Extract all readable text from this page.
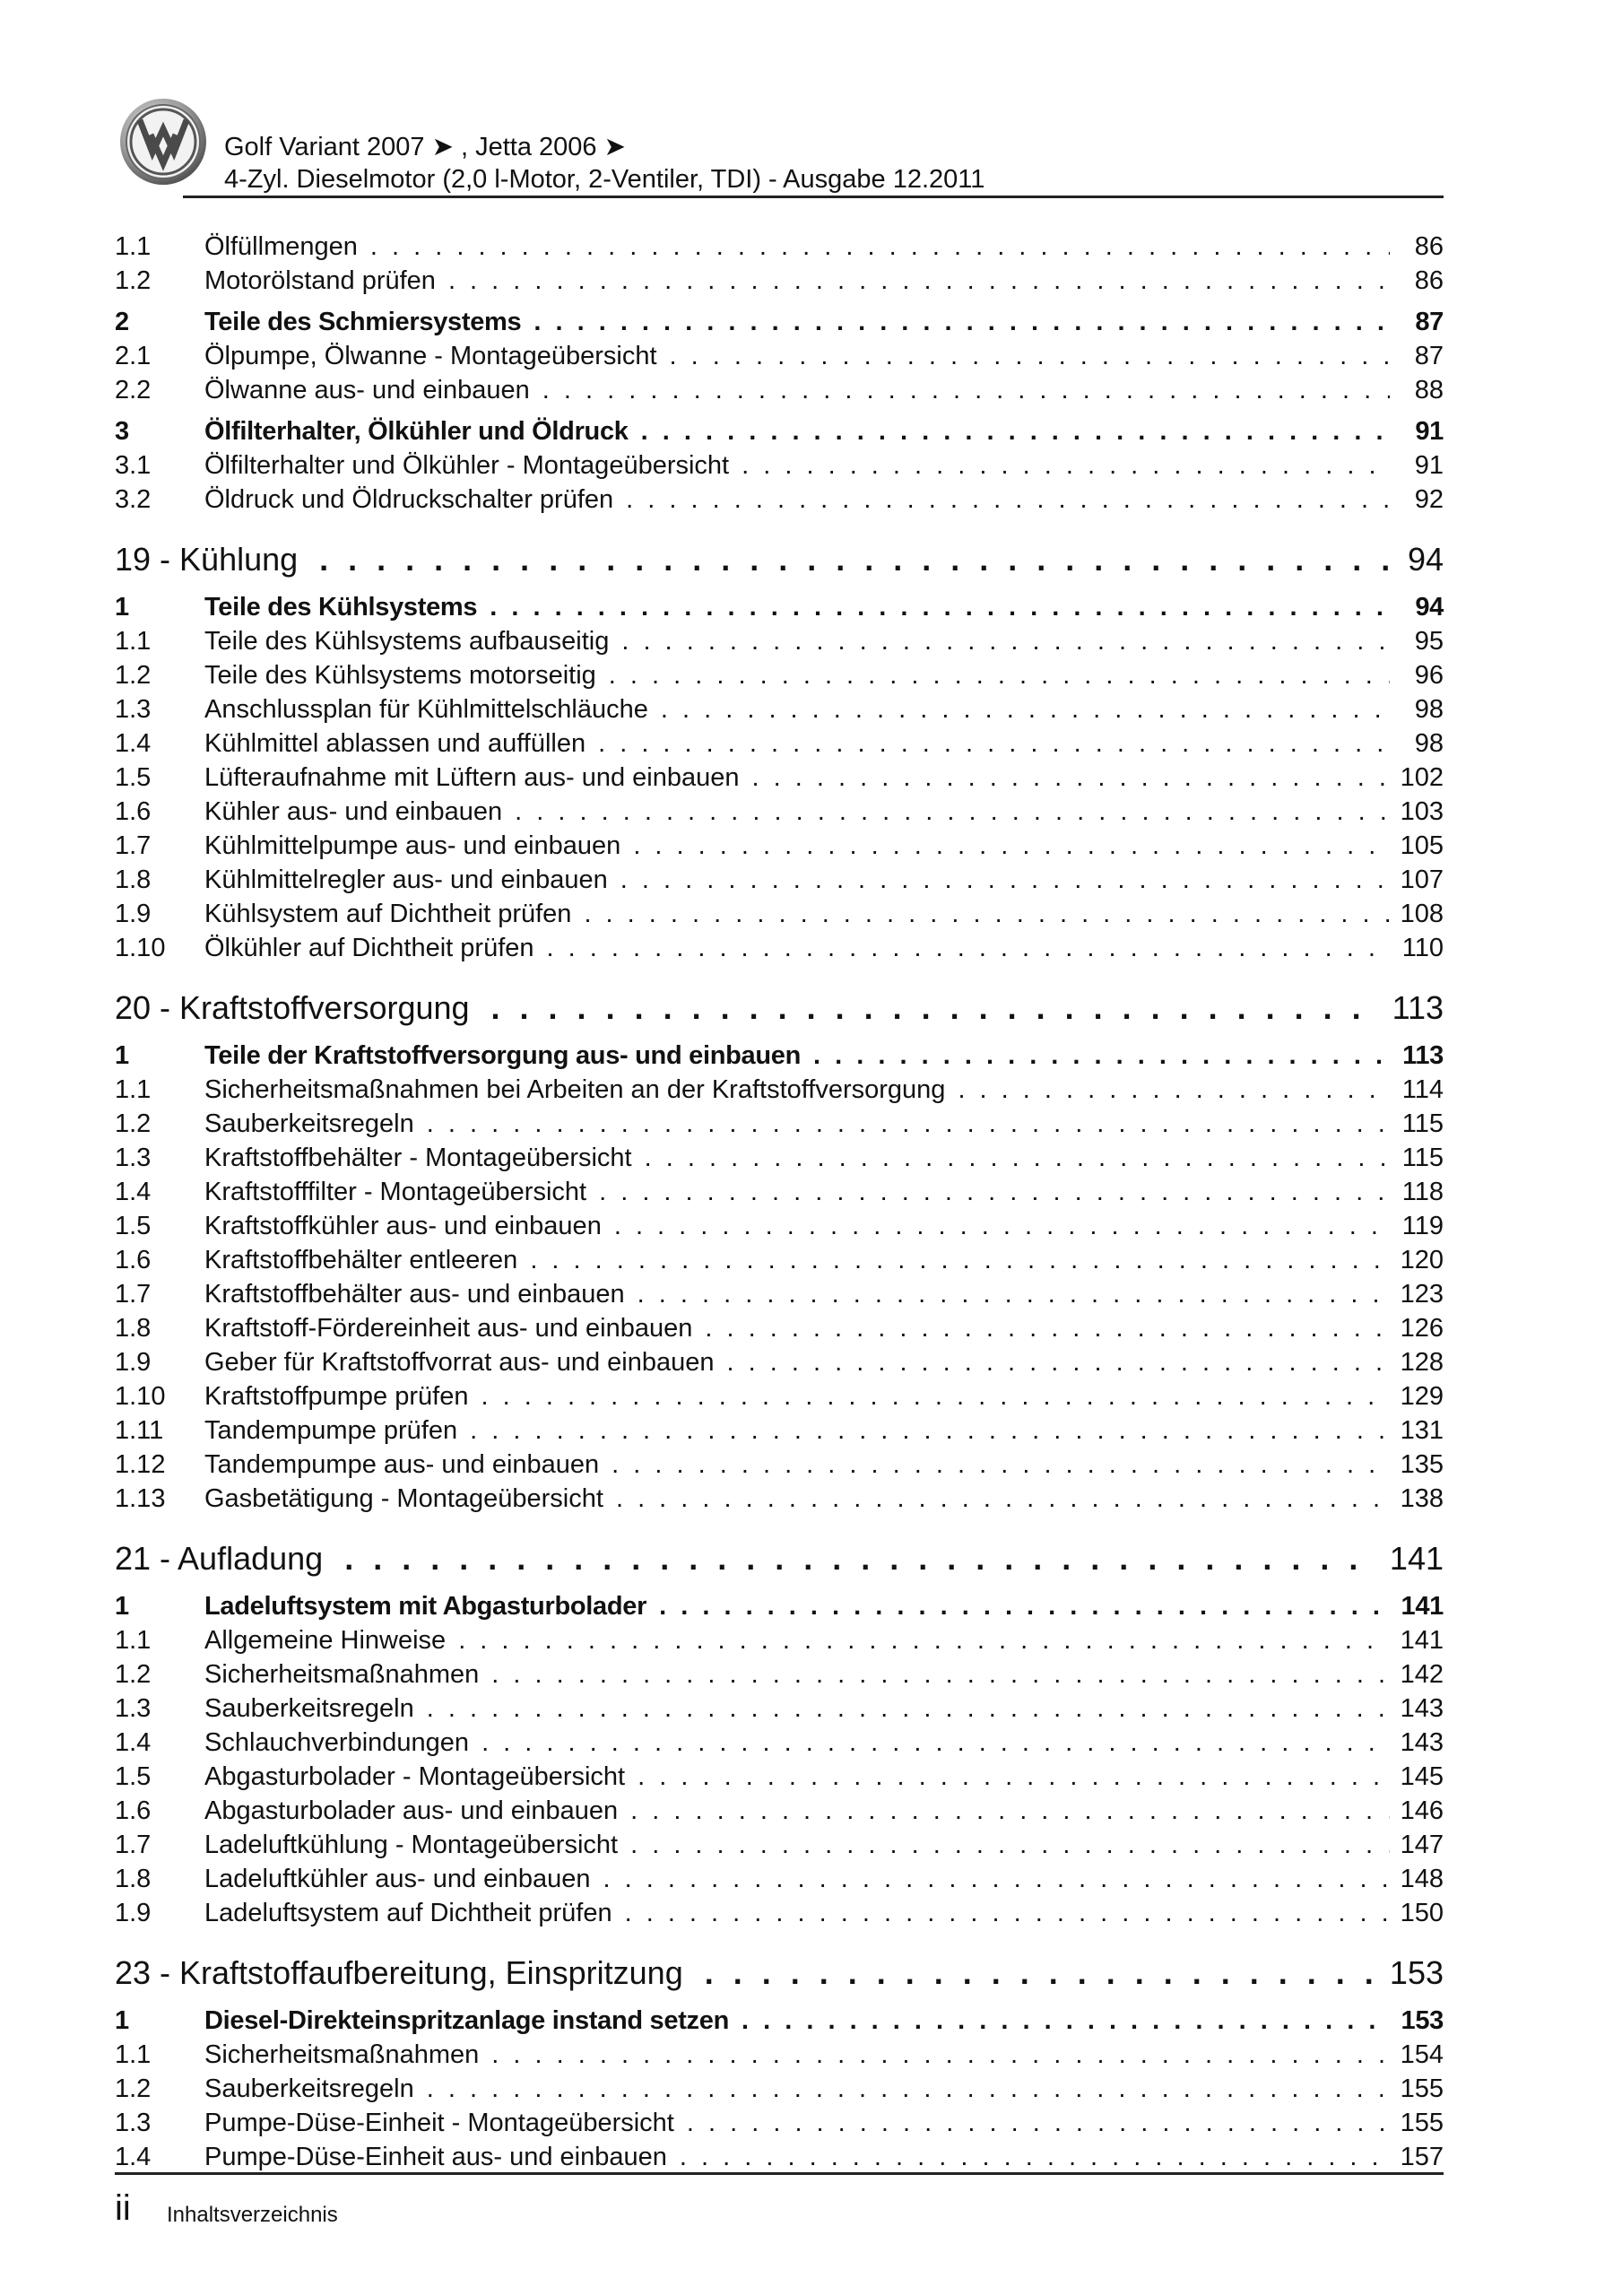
Golf Variant 2007 ➤ , Jetta 2006 ➤
4-Zyl. Dieselmotor (2,0 l-Motor, 2-Ventiler, TDI) - Ausgabe 12.2011
1.1	Ölfüllmengen . . .	86
1.2	Motorölstand prüfen . . .	86
2	Teile des Schmiersystems . . .	87
2.1	Ölpumpe, Ölwanne - Montageübersicht . . .	87
2.2	Ölwanne aus- und einbauen . . .	88
3	Ölfilterhalter, Ölkühler und Öldruck . . .	91
3.1	Ölfilterhalter und Ölkühler - Montageübersicht . . .	91
3.2	Öldruck und Öldruckschalter prüfen . . .	92
19 - Kühlung . . .	94
1	Teile des Kühlsystems . . .	94
1.1	Teile des Kühlsystems aufbauseitig . . .	95
1.2	Teile des Kühlsystems motorseitig . . .	96
1.3	Anschlussplan für Kühlmittelschläuche . . .	98
1.4	Kühlmittel ablassen und auffüllen . . .	98
1.5	Lüfteraufnahme mit Lüftern aus- und einbauen . . .	102
1.6	Kühler aus- und einbauen . . .	103
1.7	Kühlmittelpumpe aus- und einbauen . . .	105
1.8	Kühlmittelregler aus- und einbauen . . .	107
1.9	Kühlsystem auf Dichtheit prüfen . . .	108
1.10	Ölkühler auf Dichtheit prüfen . . .	110
20 - Kraftstoffversorgung . . .	113
1	Teile der Kraftstoffversorgung aus- und einbauen . . .	113
1.1	Sicherheitsmaßnahmen bei Arbeiten an der Kraftstoffversorgung . . .	114
1.2	Sauberkeitsregeln . . .	115
1.3	Kraftstoffbehälter - Montageübersicht . . .	115
1.4	Kraftstofffilter - Montageübersicht . . .	118
1.5	Kraftstoffkühler aus- und einbauen . . .	119
1.6	Kraftstoffbehälter entleeren . . .	120
1.7	Kraftstoffbehälter aus- und einbauen . . .	123
1.8	Kraftstoff-Fördereinheit aus- und einbauen . . .	126
1.9	Geber für Kraftstoffvorrat aus- und einbauen . . .	128
1.10	Kraftstoffpumpe prüfen . . .	129
1.11	Tandempumpe prüfen . . .	131
1.12	Tandempumpe aus- und einbauen . . .	135
1.13	Gasbetätigung - Montageübersicht . . .	138
21 - Aufladung . . .	141
1	Ladeluftsystem mit Abgasturbolader . . .	141
1.1	Allgemeine Hinweise . . .	141
1.2	Sicherheitsmaßnahmen . . .	142
1.3	Sauberkeitsregeln . . .	143
1.4	Schlauchverbindungen . . .	143
1.5	Abgasturbolader - Montageübersicht . . .	145
1.6	Abgasturbolader aus- und einbauen . . .	146
1.7	Ladeluftkühlung - Montageübersicht . . .	147
1.8	Ladeluftkühler aus- und einbauen . . .	148
1.9	Ladeluftsystem auf Dichtheit prüfen . . .	150
23 - Kraftstoffaufbereitung, Einspritzung . . .	153
1	Diesel-Direkteinspritzanlage instand setzen . . .	153
1.1	Sicherheitsmaßnahmen . . .	154
1.2	Sauberkeitsregeln . . .	155
1.3	Pumpe-Düse-Einheit - Montageübersicht . . .	155
1.4	Pumpe-Düse-Einheit aus- und einbauen . . .	157
ii Inhaltsverzeichnis
